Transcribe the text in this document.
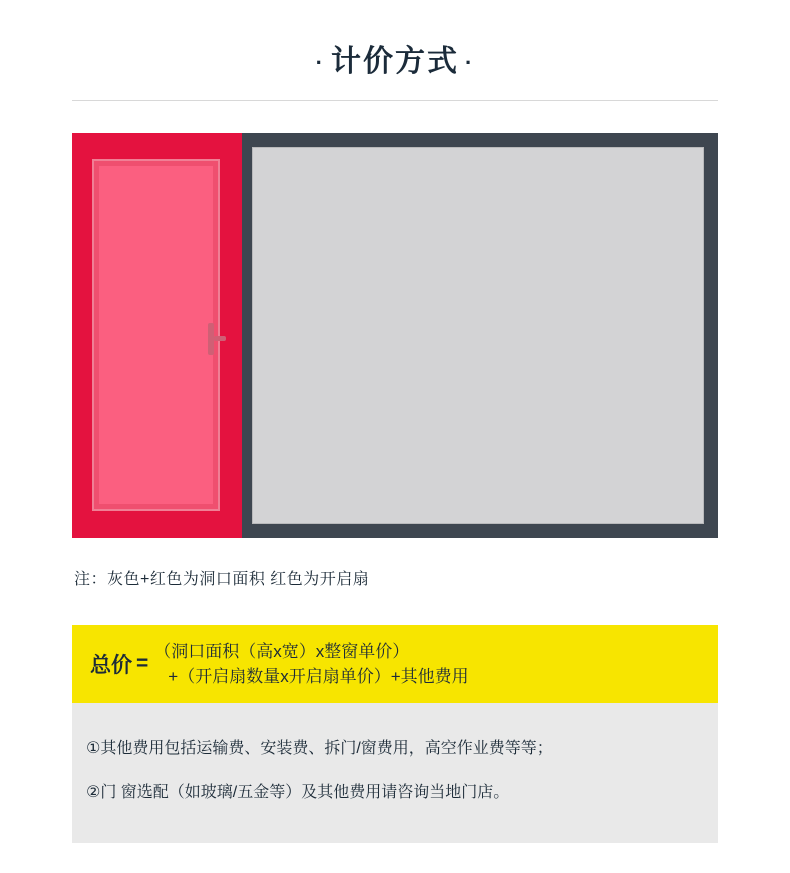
· 计价方式 ·
注：灰色+红色为洞口面积 红色为开启扇
总价 =
（洞口面积（高x宽）x整窗单价）
+（开启扇数量x开启扇单价）+其他费用
①其他费用包括运输费、安装费、拆门/窗费用，高空作业费等等；
②门 窗选配（如玻璃/五金等）及其他费用请咨询当地门店。
